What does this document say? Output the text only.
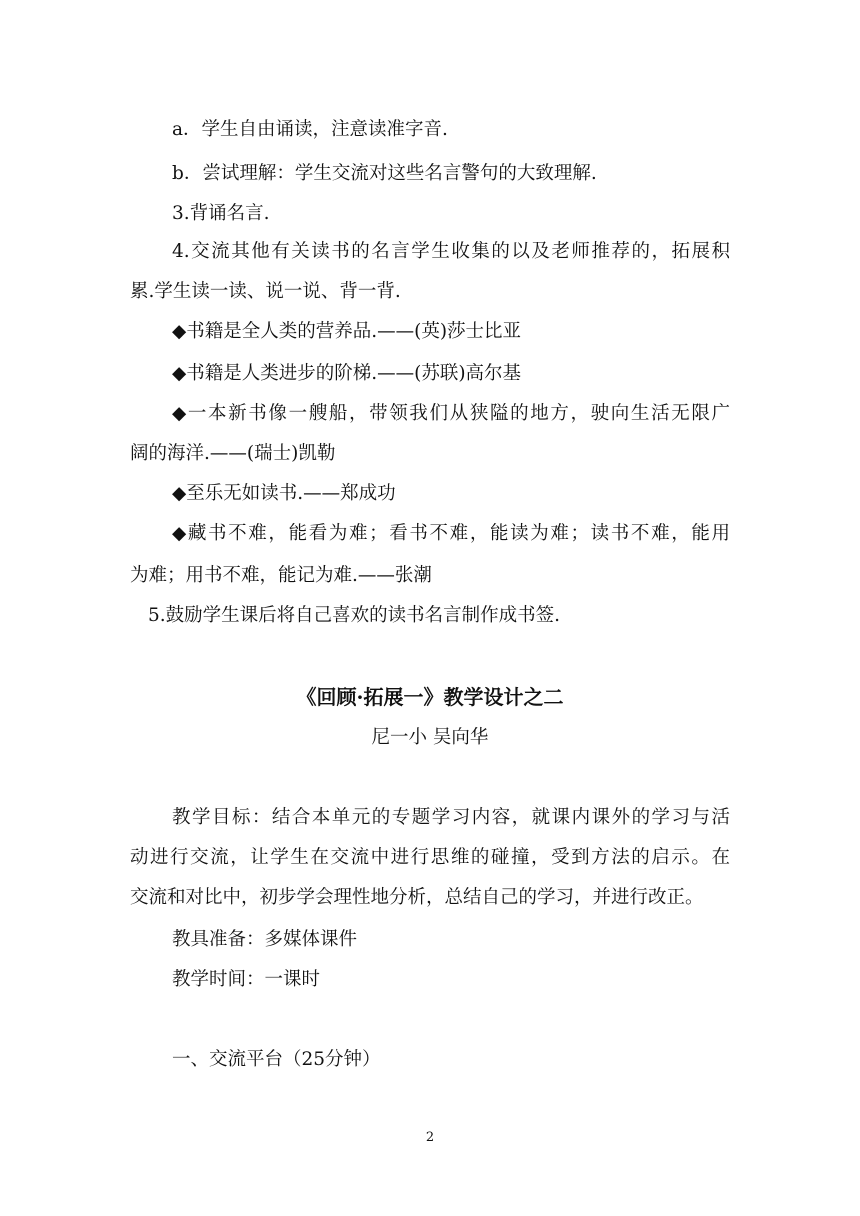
a．学生自由诵读，注意读准字音.
b．尝试理解：学生交流对这些名言警句的大致理解.
3.背诵名言.
4.交流其他有关读书的名言学生收集的以及老师推荐的，拓展积
累.学生读一读、说一说、背一背.
◆书籍是全人类的营养品.——(英)莎士比亚
◆书籍是人类进步的阶梯.——(苏联)高尔基
◆一本新书像一艘船，带领我们从狭隘的地方，驶向生活无限广
阔的海洋.——(瑞士)凯勒
◆至乐无如读书.——郑成功
◆藏书不难，能看为难；看书不难，能读为难；读书不难，能用
为难；用书不难，能记为难.——张潮
5.鼓励学生课后将自己喜欢的读书名言制作成书签.
《回顾·拓展一》教学设计之二
尼一小 吴向华
教学目标：结合本单元的专题学习内容，就课内课外的学习与活
动进行交流，让学生在交流中进行思维的碰撞，受到方法的启示。在
交流和对比中，初步学会理性地分析，总结自己的学习，并进行改正。
教具准备：多媒体课件
教学时间：一课时
一、交流平台（25分钟）
2
